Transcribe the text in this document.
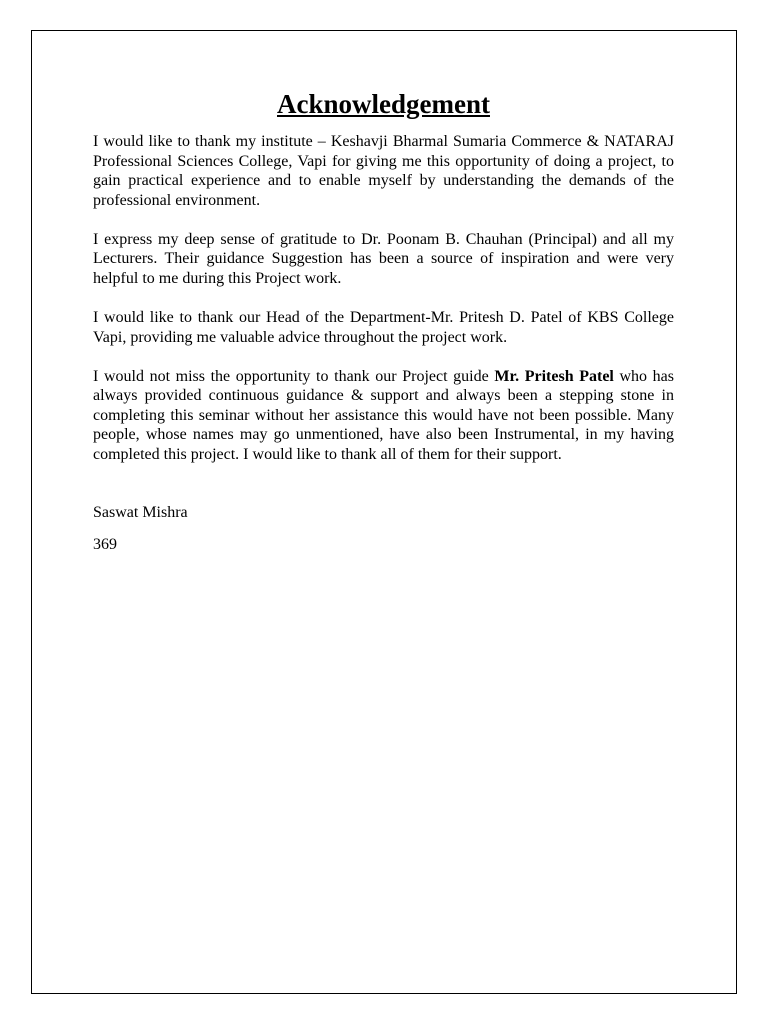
Acknowledgement

I would like to thank my institute – Keshavji Bharmal Sumaria Commerce & NATARAJ Professional Sciences College, Vapi for giving me this opportunity of doing a project, to gain practical experience and to enable myself by understanding the demands of the professional environment.

I express my deep sense of gratitude to Dr. Poonam B. Chauhan (Principal) and all my Lecturers. Their guidance Suggestion has been a source of inspiration and were very helpful to me during this Project work.

I would like to thank our Head of the Department-Mr. Pritesh D. Patel of KBS College Vapi, providing me valuable advice throughout the project work.

I would not miss the opportunity to thank our Project guide Mr. Pritesh Patel who has always provided continuous guidance & support and always been a stepping stone in completing this seminar without her assistance this would have not been possible. Many people, whose names may go unmentioned, have also been Instrumental, in my having completed this project. I would like to thank all of them for their support.

Saswat Mishra
369
